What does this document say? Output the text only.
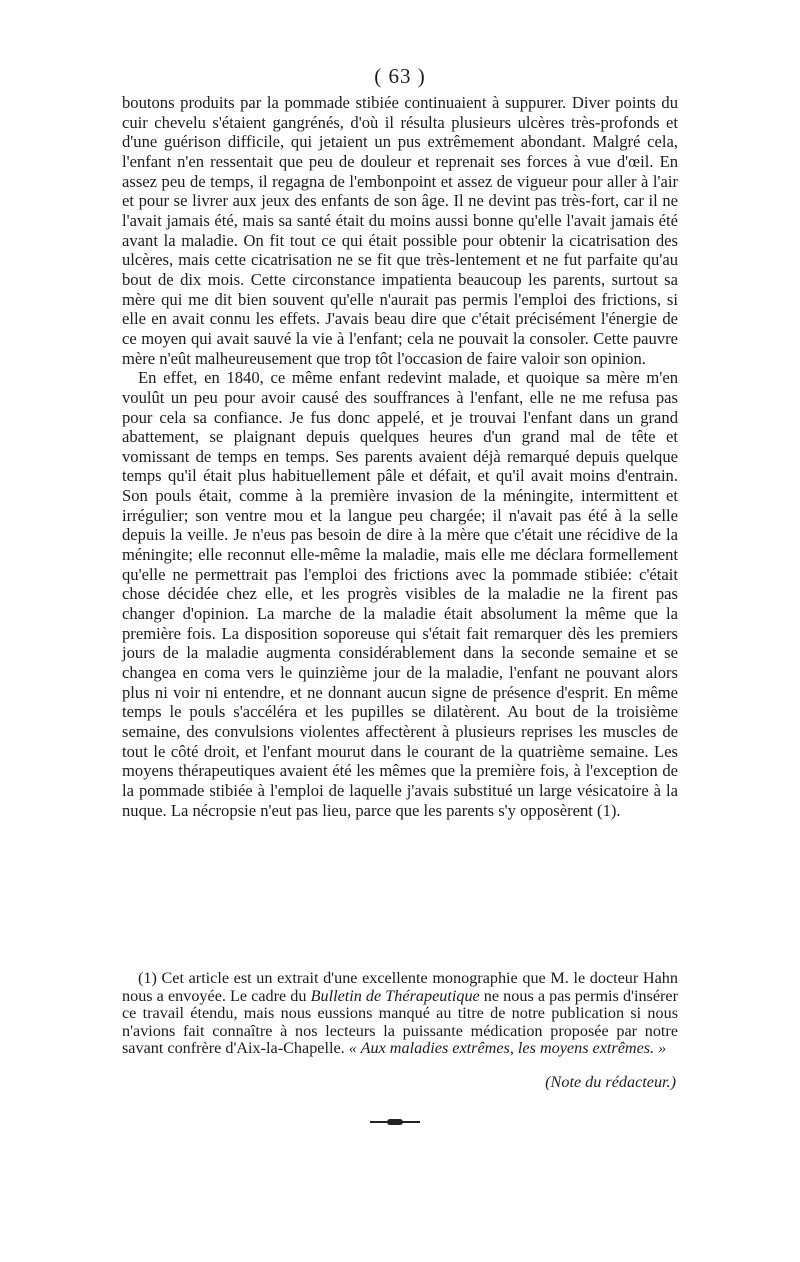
( 63 )

boutons produits par la pommade stibiée continuaient à suppurer. Diver points du cuir chevelu s'étaient gangrénés, d'où il résulta plusieurs ulcères très-profonds et d'une guérison difficile, qui jetaient un pus extrêmement abondant. Malgré cela, l'enfant n'en ressentait que peu de douleur et reprenait ses forces à vue d'œil. En assez peu de temps, il regagna de l'embonpoint et assez de vigueur pour aller à l'air et pour se livrer aux jeux des enfants de son âge. Il ne devint pas très-fort, car il ne l'avait jamais été, mais sa santé était du moins aussi bonne qu'elle l'avait jamais été avant la maladie. On fit tout ce qui était possible pour obtenir la cicatrisation des ulcères, mais cette cicatrisation ne se fit que très-lentement et ne fut parfaite qu'au bout de dix mois. Cette circonstance impatienta beaucoup les parents, surtout sa mère qui me dit bien souvent qu'elle n'aurait pas permis l'emploi des frictions, si elle en avait connu les effets. J'avais beau dire que c'était précisément l'énergie de ce moyen qui avait sauvé la vie à l'enfant; cela ne pouvait la consoler. Cette pauvre mère n'eût malheureusement que trop tôt l'occasion de faire valoir son opinion.

En effet, en 1840, ce même enfant redevint malade, et quoique sa mère m'en voulût un peu pour avoir causé des souffrances à l'enfant, elle ne me refusa pas pour cela sa confiance. Je fus donc appelé, et je trouvai l'enfant dans un grand abattement, se plaignant depuis quelques heures d'un grand mal de tête et vomissant de temps en temps. Ses parents avaient déjà remarqué depuis quelque temps qu'il était plus habituellement pâle et défait, et qu'il avait moins d'entrain. Son pouls était, comme à la première invasion de la méningite, intermittent et irrégulier; son ventre mou et la langue peu chargée; il n'avait pas été à la selle depuis la veille. Je n'eus pas besoin de dire à la mère que c'était une récidive de la méningite; elle reconnut elle-même la maladie, mais elle me déclara formellement qu'elle ne permettrait pas l'emploi des frictions avec la pommade stibiée: c'était chose décidée chez elle, et les progrès visibles de la maladie ne la firent pas changer d'opinion. La marche de la maladie était absolument la même que la première fois. La disposition soporeuse qui s'était fait remarquer dès les premiers jours de la maladie augmenta considérablement dans la seconde semaine et se changea en coma vers le quinzième jour de la maladie, l'enfant ne pouvant alors plus ni voir ni entendre, et ne donnant aucun signe de présence d'esprit. En même temps le pouls s'accéléra et les pupilles se dilatèrent. Au bout de la troisième semaine, des convulsions violentes affectèrent à plusieurs reprises les muscles de tout le côté droit, et l'enfant mourut dans le courant de la quatrième semaine. Les moyens thérapeutiques avaient été les mêmes que la première fois, à l'exception de la pommade stibiée à l'emploi de laquelle j'avais substitué un large vésicatoire à la nuque. La nécropsie n'eut pas lieu, parce que les parents s'y opposèrent (1).

(1) Cet article est un extrait d'une excellente monographie que M. le docteur Hahn nous a envoyée. Le cadre du Bulletin de Thérapeutique ne nous a pas permis d'insérer ce travail étendu, mais nous eussions manqué au titre de notre publication si nous n'avions fait connaître à nos lecteurs la puissante médication proposée par notre savant confrère d'Aix-la-Chapelle. « Aux maladies extrêmes, les moyens extrêmes. »

(Note du rédacteur.)
